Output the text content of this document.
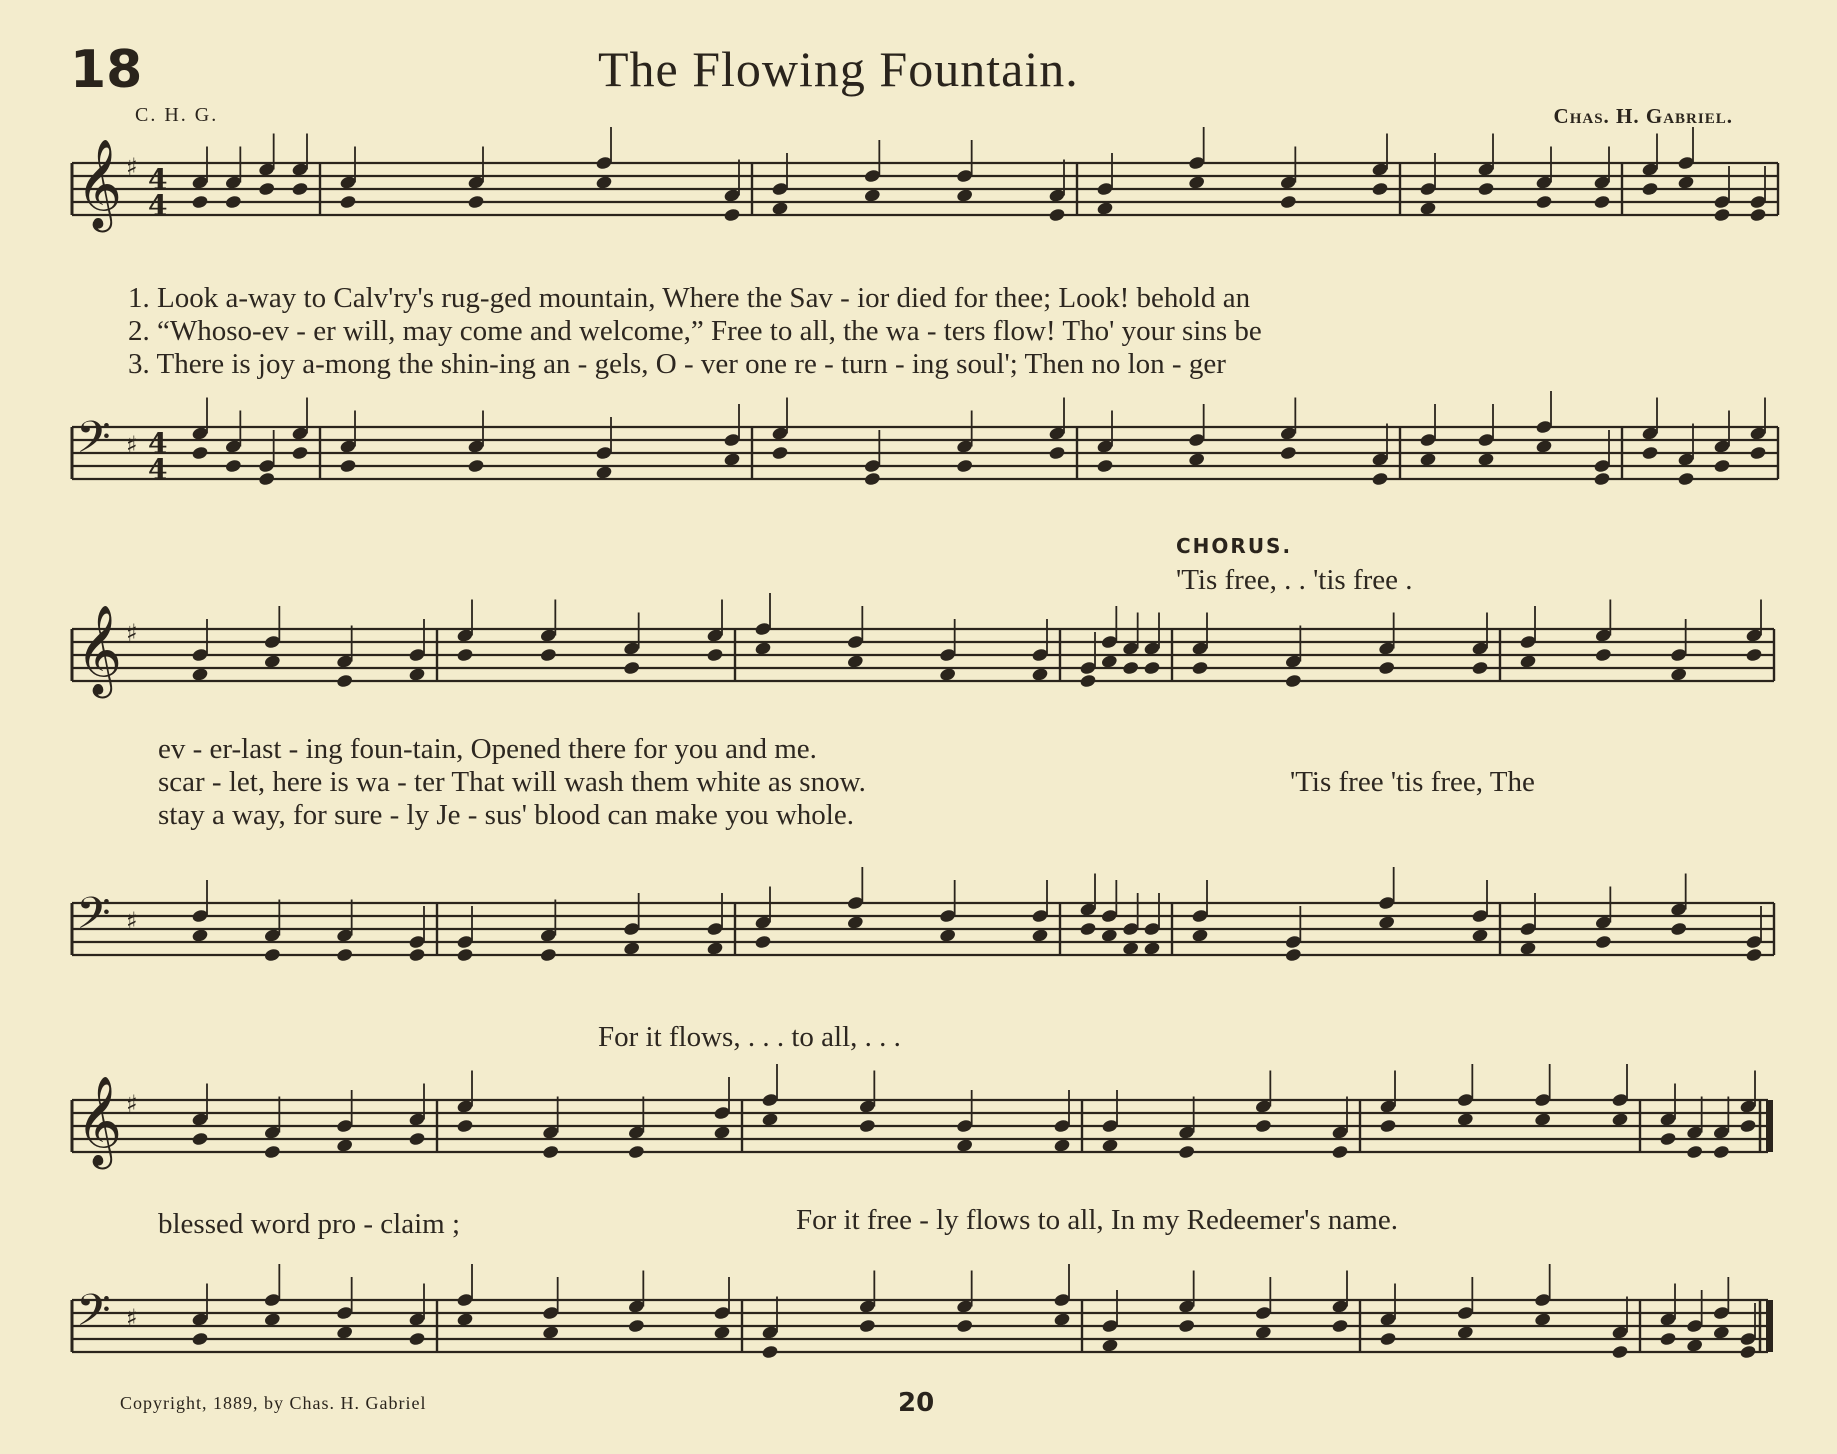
18	The Flowing Fountain.
C. H. G.	Chas. H. Gabriel.
𝄞 ♯
𝄢 ♯
𝄞 ♯
𝄢 ♯
𝄞 ♯
𝄢 ♯
4
4
4
4
1. Look a-way to Calv'ry's rug-ged mountain, Where the Sav - ior died for thee; Look! behold an
2. “Whoso-ev - er will, may come and welcome,” Free to all, the wa - ters flow! Tho' your sins be
3. There is joy a-mong the shin-ing an - gels, O - ver one re - turn - ing soul'; Then no lon - ger
CHORUS.
'Tis free, . . 'tis free .
ev - er-last - ing foun-tain, Opened there for you and me.
scar - let, here is wa - ter That will wash them white as snow.
stay a way, for sure - ly Je - sus' blood can make you whole.
'Tis free 'tis free, The
For it flows, . . . to all, . . .
blessed word pro - claim ;	For it free - ly flows to all, In my Redeemer's name.
Copyright, 1889, by Chas. H. Gabriel	20
